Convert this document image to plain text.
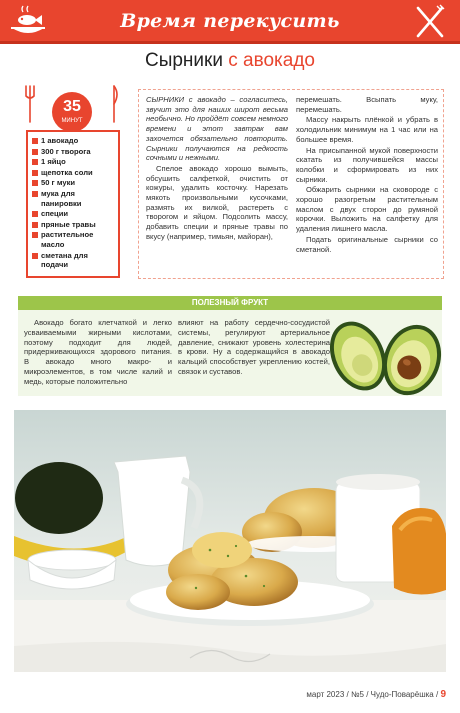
Время перекусить
Сырники с авокадо
35
МИНУТ
1 авокадо
300 г творога
1 яйцо
щепотка соли
50 г муки
мука для панировки
специи
пряные травы
растительное масло
сметана для подачи

СЫРНИКИ с авокадо – согласитесь, звучит это для наших широт весьма необычно. Но пройдёт совсем немного времени и этот завтрак вам захочется обязательно повторить. Сырники получаются на редкость сочными и нежными.

Спелое авокадо хорошо вымыть, обсушить салфеткой, очистить от кожуры, удалить косточку. Нарезать мякоть произвольными кусочками, размять их вилкой, растереть с творогом и яйцом. Подсолить массу, добавить специи и пряные травы по вкусу (например, тимьян, майоран),

перемешать. Всыпать муку, перемешать.

Массу накрыть плёнкой и убрать в холодильник минимум на 1 час или на большее время.

На присыпанной мукой поверхности скатать из получившейся массы колобки и сформировать из них сырники.

Обжарить сырники на сковороде с хорошо разогретым растительным маслом с двух сторон до румяной корочки. Выложить на салфетку для удаления лишнего масла.

Подать оригинальные сырники со сметаной.

ПОЛЕЗНЫЙ ФРУКТ

Авокадо богато клетчаткой и легко усваиваемыми жирными кислотами, поэтому подходит для людей, придерживающихся здорового питания. В авокадо много макро- и микроэлементов, в том числе калий и медь, которые положительно

влияют на работу сердечно-сосудистой системы, регулируют артериальное давление, снижают уровень холестерина в крови. Ну а содержащийся в авокадо кальций способствует укреплению костей, связок и суставов.

март 2023 / №5 / Чудо-Поварёшка / 9
